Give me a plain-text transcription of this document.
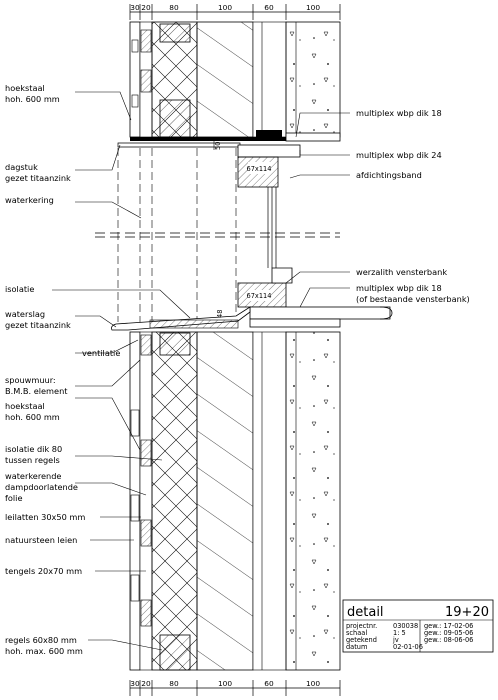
30 20	80	100	60	100
30 20	80	100	60	100
67x114
50
67x114
48
hoekstaal
hoh. 600 mm
dagstuk
gezet titaanzink
waterkering
isolatie
waterslag
gezet titaanzink
ventilatie
spouwmuur:
B.M.B. element
hoekstaal
hoh. 600 mm
isolatie dik 80
tussen regels
waterkerende
dampdoorlatende
folie
leilatten 30x50 mm
natuursteen leien
tengels 20x70 mm
regels 60x80 mm
hoh. max. 600 mm
multiplex wbp dik 18
multiplex wbp dik 24
afdichtingsband
werzalith vensterbank
multiplex wbp dik 18
(of bestaande vensterbank)
detail	19+20
projectnr. 030038 gew.: 17-02-06
schaal	1: 5	gew.: 09-05-06
getekend jv	gew.: 08-06-06
datum	02-01-06
